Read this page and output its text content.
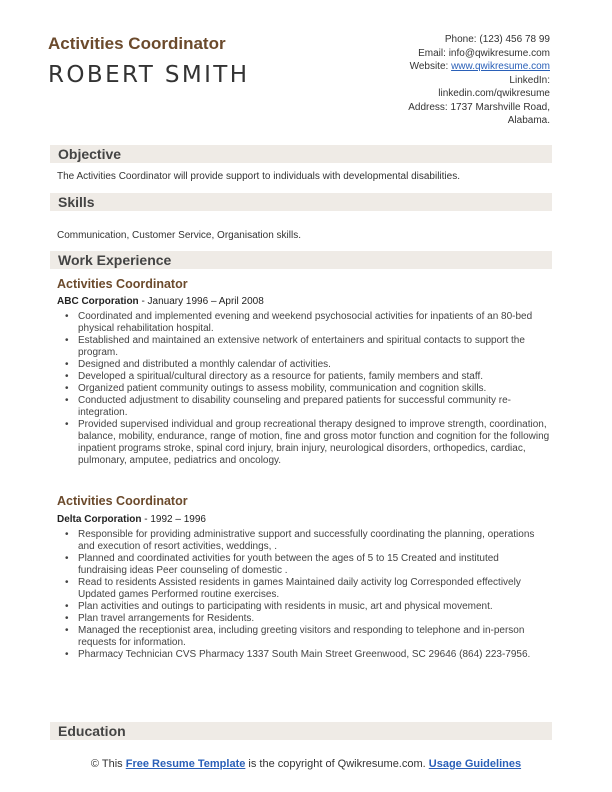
Activities Coordinator
ROBERT SMITH
Phone: (123) 456 78 99
Email: info@qwikresume.com
Website: www.qwikresume.com
LinkedIn:
linkedin.com/qwikresume
Address: 1737 Marshville Road,
Alabama.
Objective
The Activities Coordinator will provide support to individuals with developmental disabilities.
Skills
Communication, Customer Service, Organisation skills.
Work Experience
Activities Coordinator
ABC Corporation - January 1996 – April 2008
• Coordinated and implemented evening and weekend psychosocial activities for inpatients of an 80-bed physical rehabilitation hospital.
• Established and maintained an extensive network of entertainers and spiritual contacts to support the program.
• Designed and distributed a monthly calendar of activities.
• Developed a spiritual/cultural directory as a resource for patients, family members and staff.
• Organized patient community outings to assess mobility, communication and cognition skills.
• Conducted adjustment to disability counseling and prepared patients for successful community re-integration.
• Provided supervised individual and group recreational therapy designed to improve strength, coordination, balance, mobility, endurance, range of motion, fine and gross motor function and cognition for the following inpatient programs stroke, spinal cord injury, brain injury, neurological disorders, orthopedics, cardiac, pulmonary, amputee, pediatrics and oncology.
Activities Coordinator
Delta Corporation - 1992 – 1996
• Responsible for providing administrative support and successfully coordinating the planning, operations and execution of resort activities, weddings, .
• Planned and coordinated activities for youth between the ages of 5 to 15 Created and instituted fundraising ideas Peer counseling of domestic .
• Read to residents Assisted residents in games Maintained daily activity log Corresponded effectively Updated games Performed routine exercises.
• Plan activities and outings to participating with residents in music, art and physical movement.
• Plan travel arrangements for Residents.
• Managed the receptionist area, including greeting visitors and responding to telephone and in-person requests for information.
• Pharmacy Technician CVS Pharmacy 1337 South Main Street Greenwood, SC 29646 (864) 223-7956.
Education
© This Free Resume Template is the copyright of Qwikresume.com. Usage Guidelines
